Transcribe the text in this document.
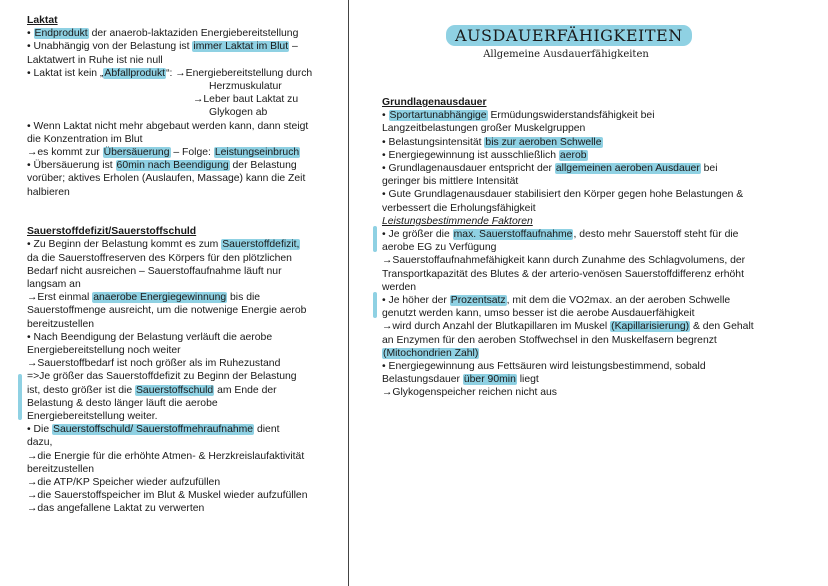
AUSDAUERFÄHIGKEITEN
Allgemeine Ausdauerfähigkeiten
Laktat
• Endprodukt der anaerob-laktaziden Energiebereitstellung
• Unabhängig von der Belastung ist immer Laktat im Blut –
Laktatwert in Ruhe ist nie null
• Laktat ist kein „Abfallprodukt“: →Energiebereitstellung durch
Herzmuskulatur
→Leber baut Laktat zu
Glykogen ab
• Wenn Laktat nicht mehr abgebaut werden kann, dann steigt
die Konzentration im Blut
→es kommt zur Übersäuerung – Folge: Leistungseinbruch
• Übersäuerung ist 60min nach Beendigung der Belastung
vorüber; aktives Erholen (Auslaufen, Massage) kann die Zeit
halbieren
Sauerstoffdefizit/Sauerstoffschuld
• Zu Beginn der Belastung kommt es zum Sauerstoffdefizit,
da die Sauerstoffreserven des Körpers für den plötzlichen
Bedarf nicht ausreichen – Sauerstoffaufnahme läuft nur
langsam an
→Erst einmal anaerobe Energiegewinnung bis die
Sauerstoffmenge ausreicht, um die notwenige Energie aerob
bereitzustellen
• Nach Beendigung der Belastung verläuft die aerobe
Energiebereitstellung noch weiter
→Sauerstoffbedarf ist noch größer als im Ruhezustand
=>Je größer das Sauerstoffdefizit zu Beginn der Belastung
ist, desto größer ist die Sauerstoffschuld am Ende der
Belastung & desto länger läuft die aerobe
Energiebereitstellung weiter.
• Die Sauerstoffschuld/ Sauerstoffmehraufnahme dient
dazu,
→die Energie für die erhöhte Atmen- & Herzkreislaufaktivität
bereitzustellen
→die ATP/KP Speicher wieder aufzufüllen
→die Sauerstoffspeicher im Blut & Muskel wieder aufzufüllen
→das angefallene Laktat zu verwerten
Grundlagenausdauer
• Sportartunabhängige Ermüdungswiderstandsfähigkeit bei
Langzeitbelastungen großer Muskelgruppen
• Belastungsintensität bis zur aeroben Schwelle
• Energiegewinnung ist ausschließlich aerob
• Grundlagenausdauer entspricht der allgemeinen aeroben Ausdauer bei
geringer bis mittlere Intensität
• Gute Grundlagenausdauer stabilisiert den Körper gegen hohe Belastungen &
verbessert die Erholungsfähigkeit
Leistungsbestimmende Faktoren
• Je größer die max. Sauerstoffaufnahme, desto mehr Sauerstoff steht für die
aerobe EG zu Verfügung
→Sauerstoffaufnahmefähigkeit kann durch Zunahme des Schlagvolumens, der
Transportkapazität des Blutes & der arterio-venösen Sauerstoffdifferenz erhöht
werden
• Je höher der Prozentsatz, mit dem die VO2max. an der aeroben Schwelle
genutzt werden kann, umso besser ist die aerobe Ausdauerfähigkeit
→wird durch Anzahl der Blutkapillaren im Muskel (Kapillarisierung) & den Gehalt
an Enzymen für den aeroben Stoffwechsel in den Muskelfasern begrenzt
(Mitochondrien Zahl)
• Energiegewinnung aus Fettsäuren wird leistungsbestimmend, sobald
Belastungsdauer über 90min liegt
→Glykogenspeicher reichen nicht aus
